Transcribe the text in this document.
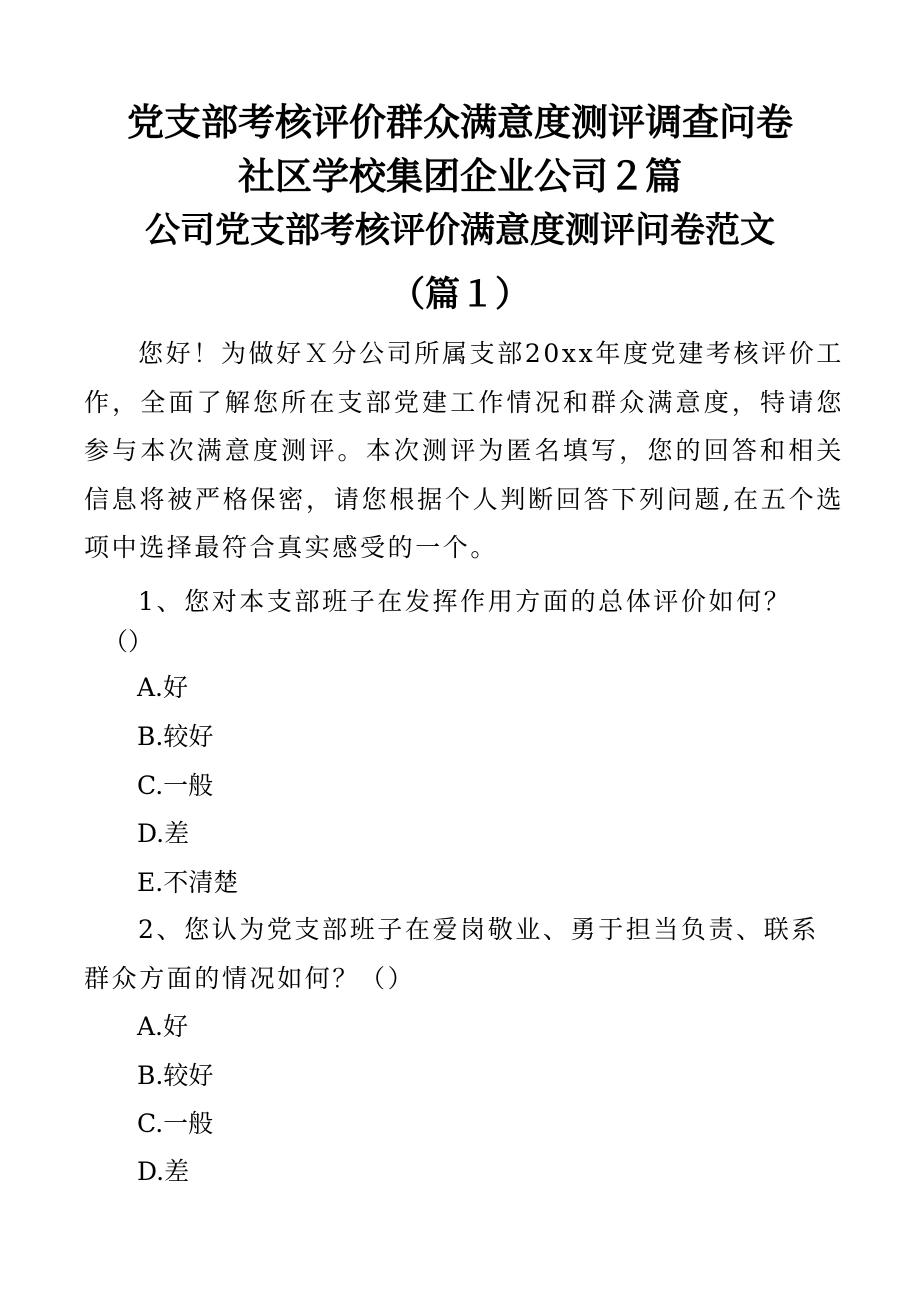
党支部考核评价群众满意度测评调查问卷
社区学校集团企业公司２篇
公司党支部考核评价满意度测评问卷范文
（篇１）

您好！为做好Ｘ分公司所属支部20xx年度党建考核评价工作，全面了解您所在支部党建工作情况和群众满意度，特请您参与本次满意度测评。本次测评为匿名填写，您的回答和相关信息将被严格保密，请您根据个人判断回答下列问题,在五个选项中选择最符合真实感受的一个。

1、您对本支部班子在发挥作用方面的总体评价如何？
（）
A.好
B.较好
C.一般
D.差
E.不清楚

2、您认为党支部班子在爱岗敬业、勇于担当负责、联系群众方面的情况如何？（）

A.好
B.较好
C.一般
D.差
